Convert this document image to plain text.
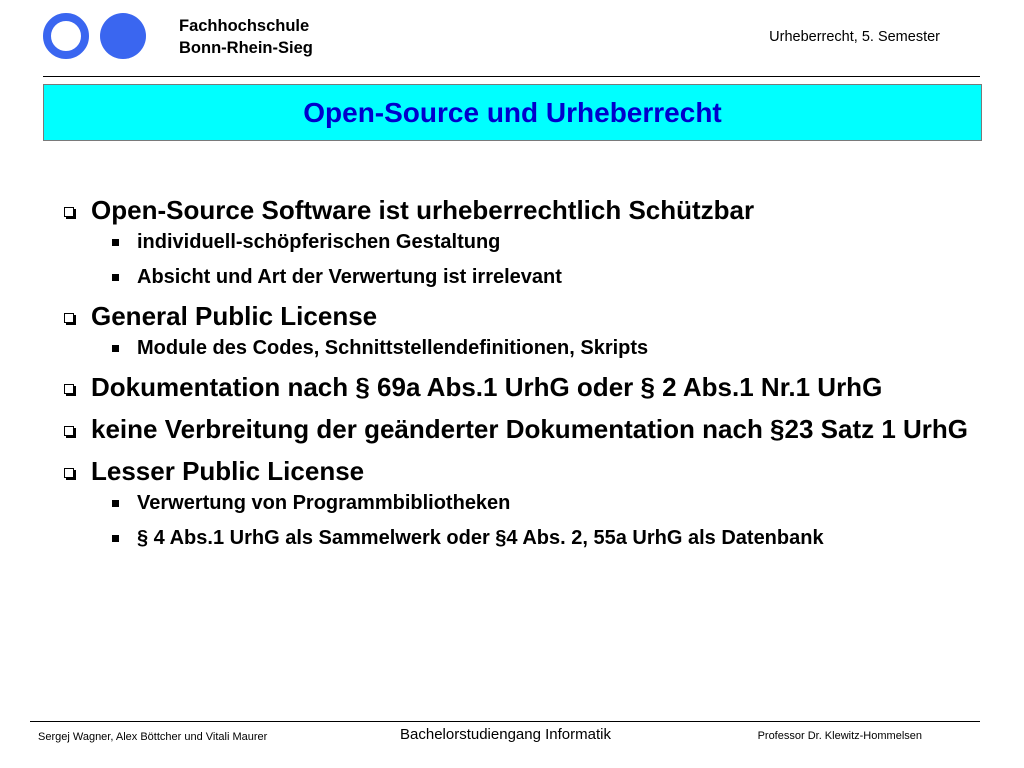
Fachhochschule
Bonn-Rhein-Sieg
Urheberrecht, 5. Semester
Open-Source und Urheberrecht
Open-Source Software ist urheberrechtlich Schützbar
individuell-schöpferischen Gestaltung
Absicht und Art der Verwertung ist irrelevant
General Public License
Module des Codes, Schnittstellendefinitionen, Skripts
Dokumentation nach § 69a Abs.1 UrhG oder § 2 Abs.1 Nr.1 UrhG
keine Verbreitung der geänderter Dokumentation nach §23 Satz 1 UrhG
Lesser Public License
Verwertung von Programmbibliotheken
§ 4 Abs.1 UrhG als Sammelwerk oder §4 Abs. 2, 55a UrhG als Datenbank
Sergej Wagner, Alex Böttcher und Vitali Maurer	Bachelorstudiengang Informatik	Professor Dr. Klewitz-Hommelsen
